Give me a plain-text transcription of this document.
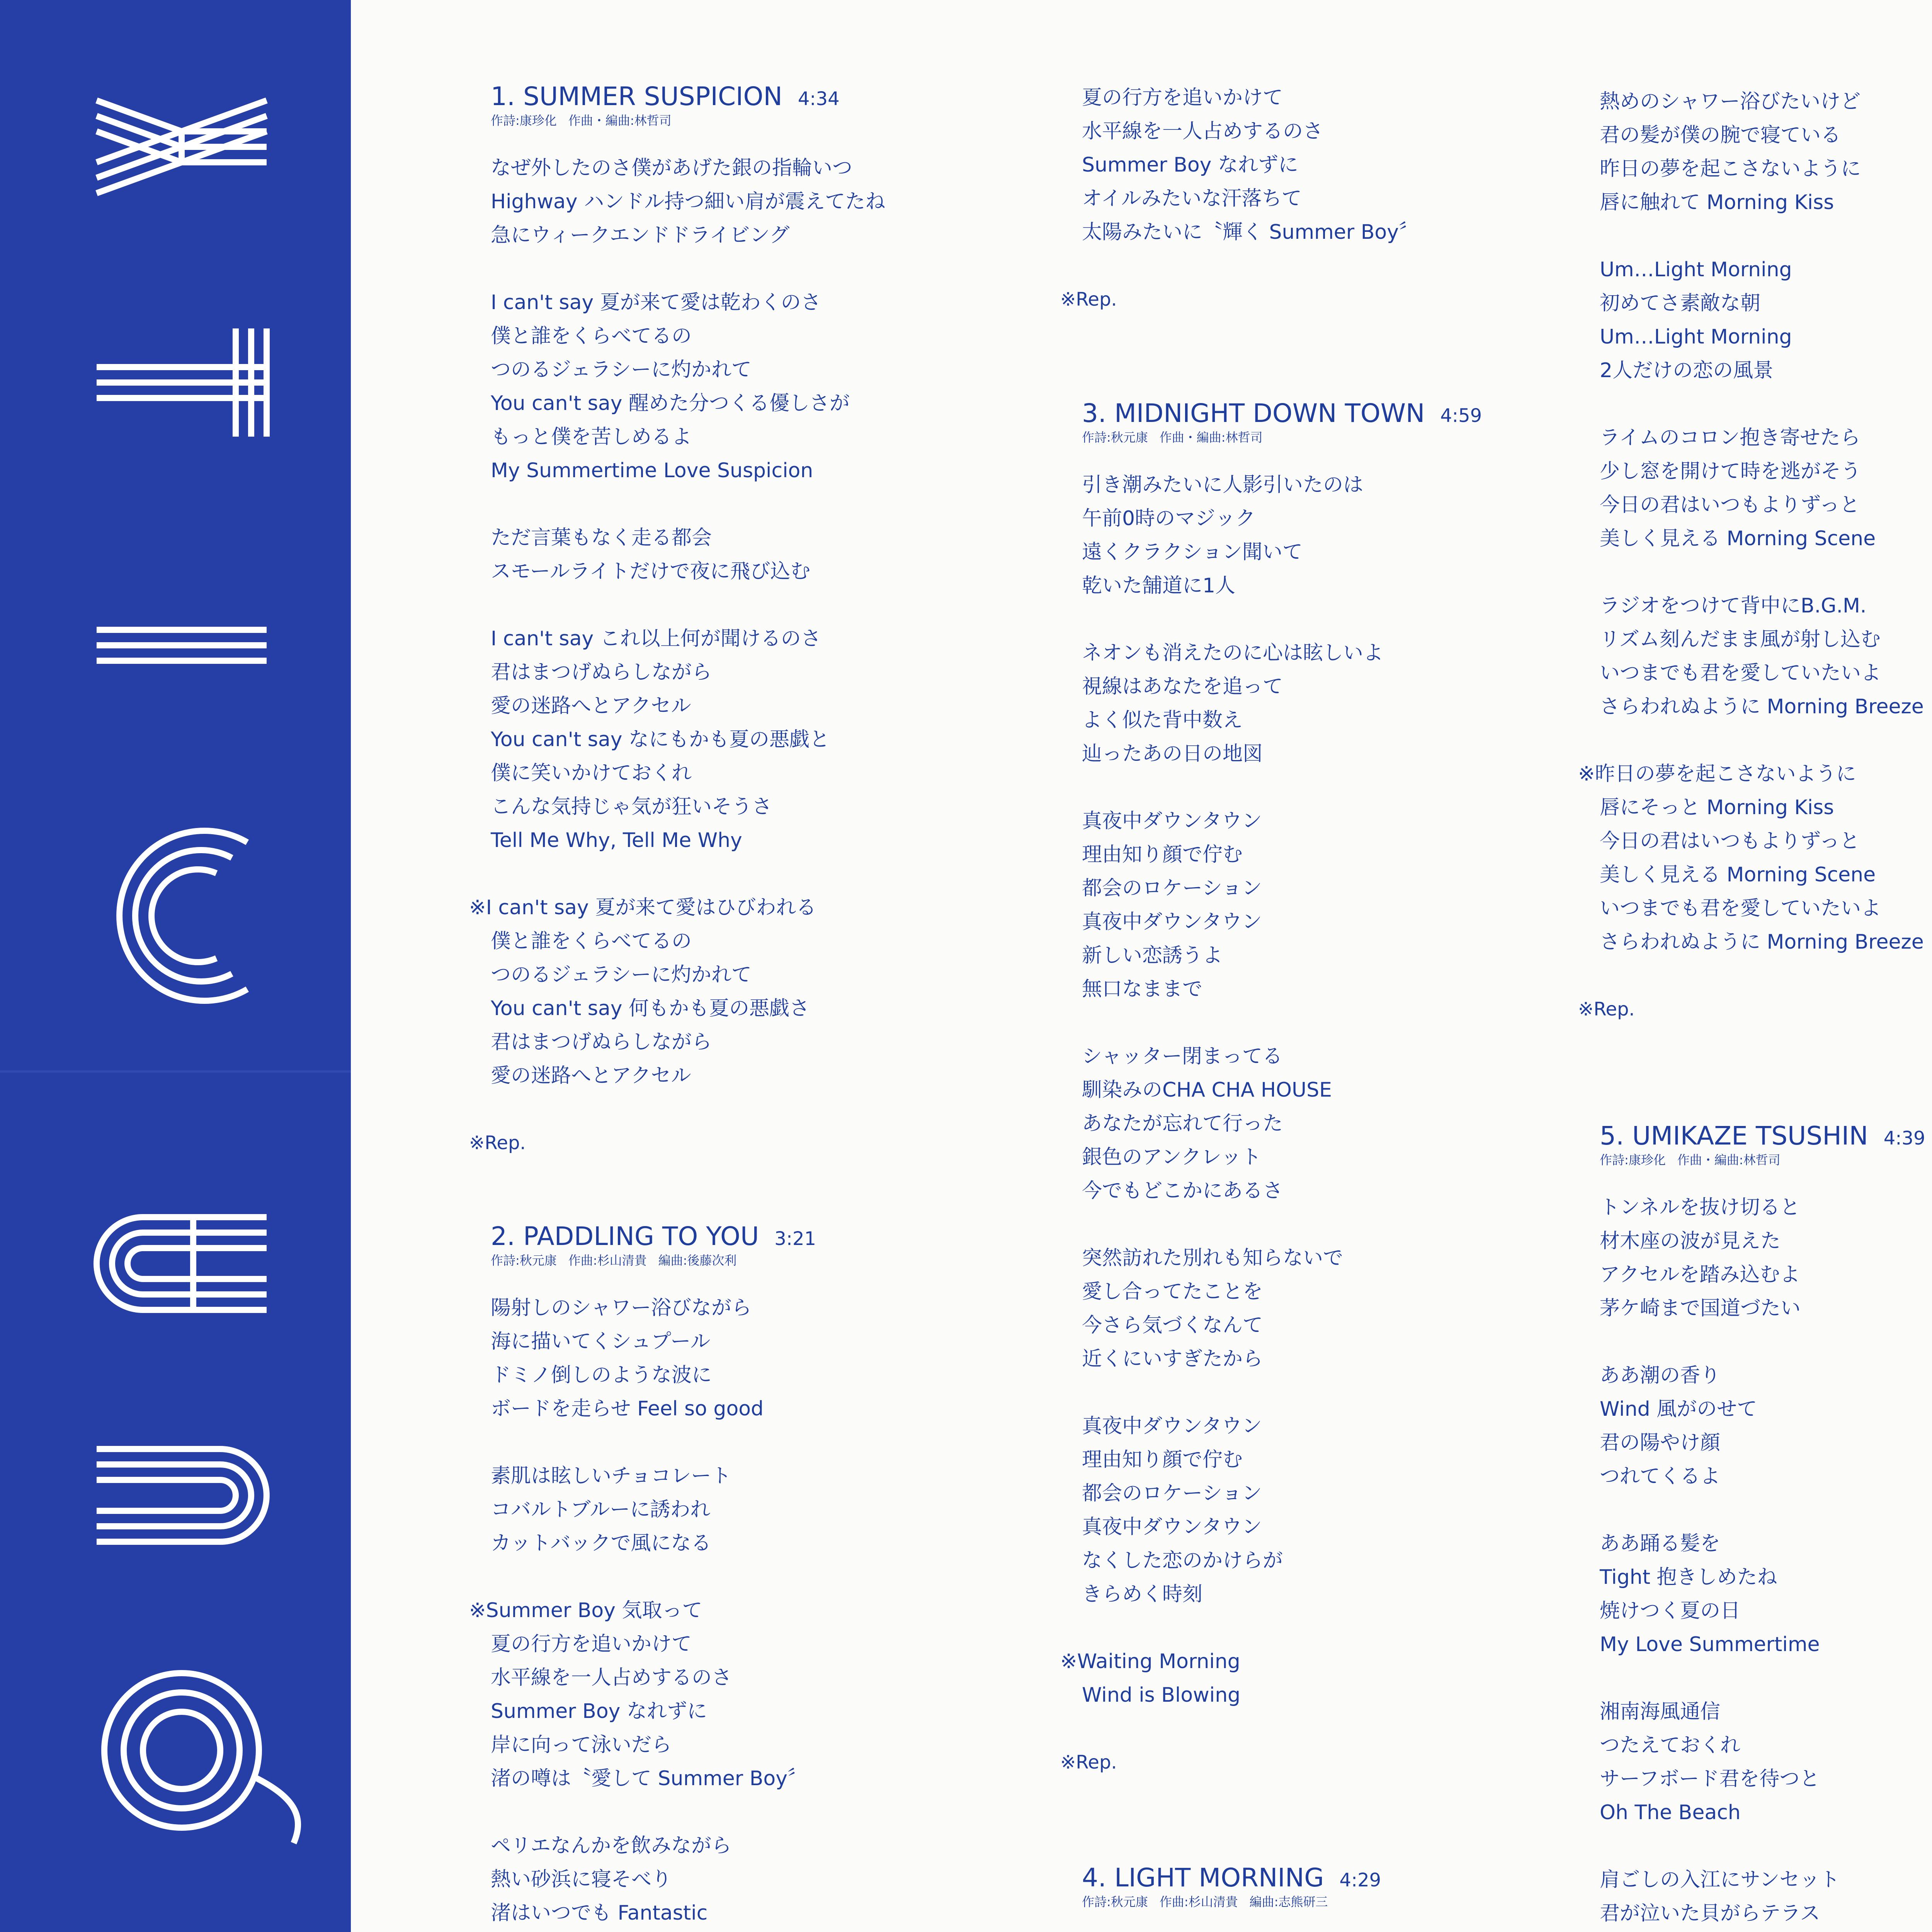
1. SUMMER SUSPICION 4:34
作詩:康珍化 作曲・編曲:林哲司
なぜ外したのさ僕があげた銀の指輪いつ
Highway ハンドル持つ細い肩が震えてたね
急にウィークエンドドライビング
I can't say 夏が来て愛は乾わくのさ
僕と誰をくらべてるの
つのるジェラシーに灼かれて
You can't say 醒めた分つくる優しさが
もっと僕を苦しめるよ
My Summertime Love Suspicion
ただ言葉もなく走る都会
スモールライトだけで夜に飛び込む
I can't say これ以上何が聞けるのさ
君はまつげぬらしながら
愛の迷路へとアクセル
You can't say なにもかも夏の悪戯と
僕に笑いかけておくれ
こんな気持じゃ気が狂いそうさ
Tell Me Why, Tell Me Why
※I can't say 夏が来て愛はひびわれる
僕と誰をくらべてるの
つのるジェラシーに灼かれて
You can't say 何もかも夏の悪戯さ
君はまつげぬらしながら
愛の迷路へとアクセル
※Rep.
2. PADDLING TO YOU 3:21
作詩:秋元康 作曲:杉山清貴 編曲:後藤次利
陽射しのシャワー浴びながら
海に描いてくシュプール
ドミノ倒しのような波に
ボードを走らせ Feel so good
素肌は眩しいチョコレート
コバルトブルーに誘われ
カットバックで風になる
※Summer Boy 気取って
夏の行方を追いかけて
水平線を一人占めするのさ
Summer Boy なれずに
岸に向って泳いだら
渚の噂は〝愛して Summer Boy〞
ペリエなんかを飲みながら
熱い砂浜に寝そべり
渚はいつでも Fantastic
夏の行方を追いかけて
水平線を一人占めするのさ
Summer Boy なれずに
オイルみたいな汗落ちて
太陽みたいに〝輝く Summer Boy〞
※Rep.
3. MIDNIGHT DOWN TOWN 4:59
作詩:秋元康 作曲・編曲:林哲司
引き潮みたいに人影引いたのは
午前0時のマジック
遠くクラクション聞いて
乾いた舗道に1人
ネオンも消えたのに心は眩しいよ
視線はあなたを追って
よく似た背中数え
辿ったあの日の地図
真夜中ダウンタウン
理由知り顔で佇む
都会のロケーション
真夜中ダウンタウン
新しい恋誘うよ
無口なままで
シャッター閉まってる
馴染みのCHA CHA HOUSE
あなたが忘れて行った
銀色のアンクレット
今でもどこかにあるさ
突然訪れた別れも知らないで
愛し合ってたことを
今さら気づくなんて
近くにいすぎたから
真夜中ダウンタウン
理由知り顔で佇む
都会のロケーション
真夜中ダウンタウン
なくした恋のかけらが
きらめく時刻
※Waiting Morning
Wind is Blowing
※Rep.
4. LIGHT MORNING 4:29
作詩:秋元康 作曲:杉山清貴 編曲:志熊研三
熱めのシャワー浴びたいけど
君の髪が僕の腕で寝ている
昨日の夢を起こさないように
唇に触れて Morning Kiss
Um…Light Morning
初めてさ素敵な朝
Um…Light Morning
2人だけの恋の風景
ライムのコロン抱き寄せたら
少し窓を開けて時を逃がそう
今日の君はいつもよりずっと
美しく見える Morning Scene
ラジオをつけて背中にB.G.M.
リズム刻んだまま風が射し込む
いつまでも君を愛していたいよ
さらわれぬように Morning Breeze
※昨日の夢を起こさないように
唇にそっと Morning Kiss
今日の君はいつもよりずっと
美しく見える Morning Scene
いつまでも君を愛していたいよ
さらわれぬように Morning Breeze
※Rep.
5. UMIKAZE TSUSHIN 4:39
作詩:康珍化 作曲・編曲:林哲司
トンネルを抜け切ると
材木座の波が見えた
アクセルを踏み込むよ
茅ケ崎まで国道づたい
ああ潮の香り
Wind 風がのせて
君の陽やけ顔
つれてくるよ
ああ踊る髪を
Tight 抱きしめたね
焼けつく夏の日
My Love Summertime
湘南海風通信
つたえておくれ
サーフボード君を待つと
Oh The Beach
肩ごしの入江にサンセット
君が泣いた貝がらテラス
